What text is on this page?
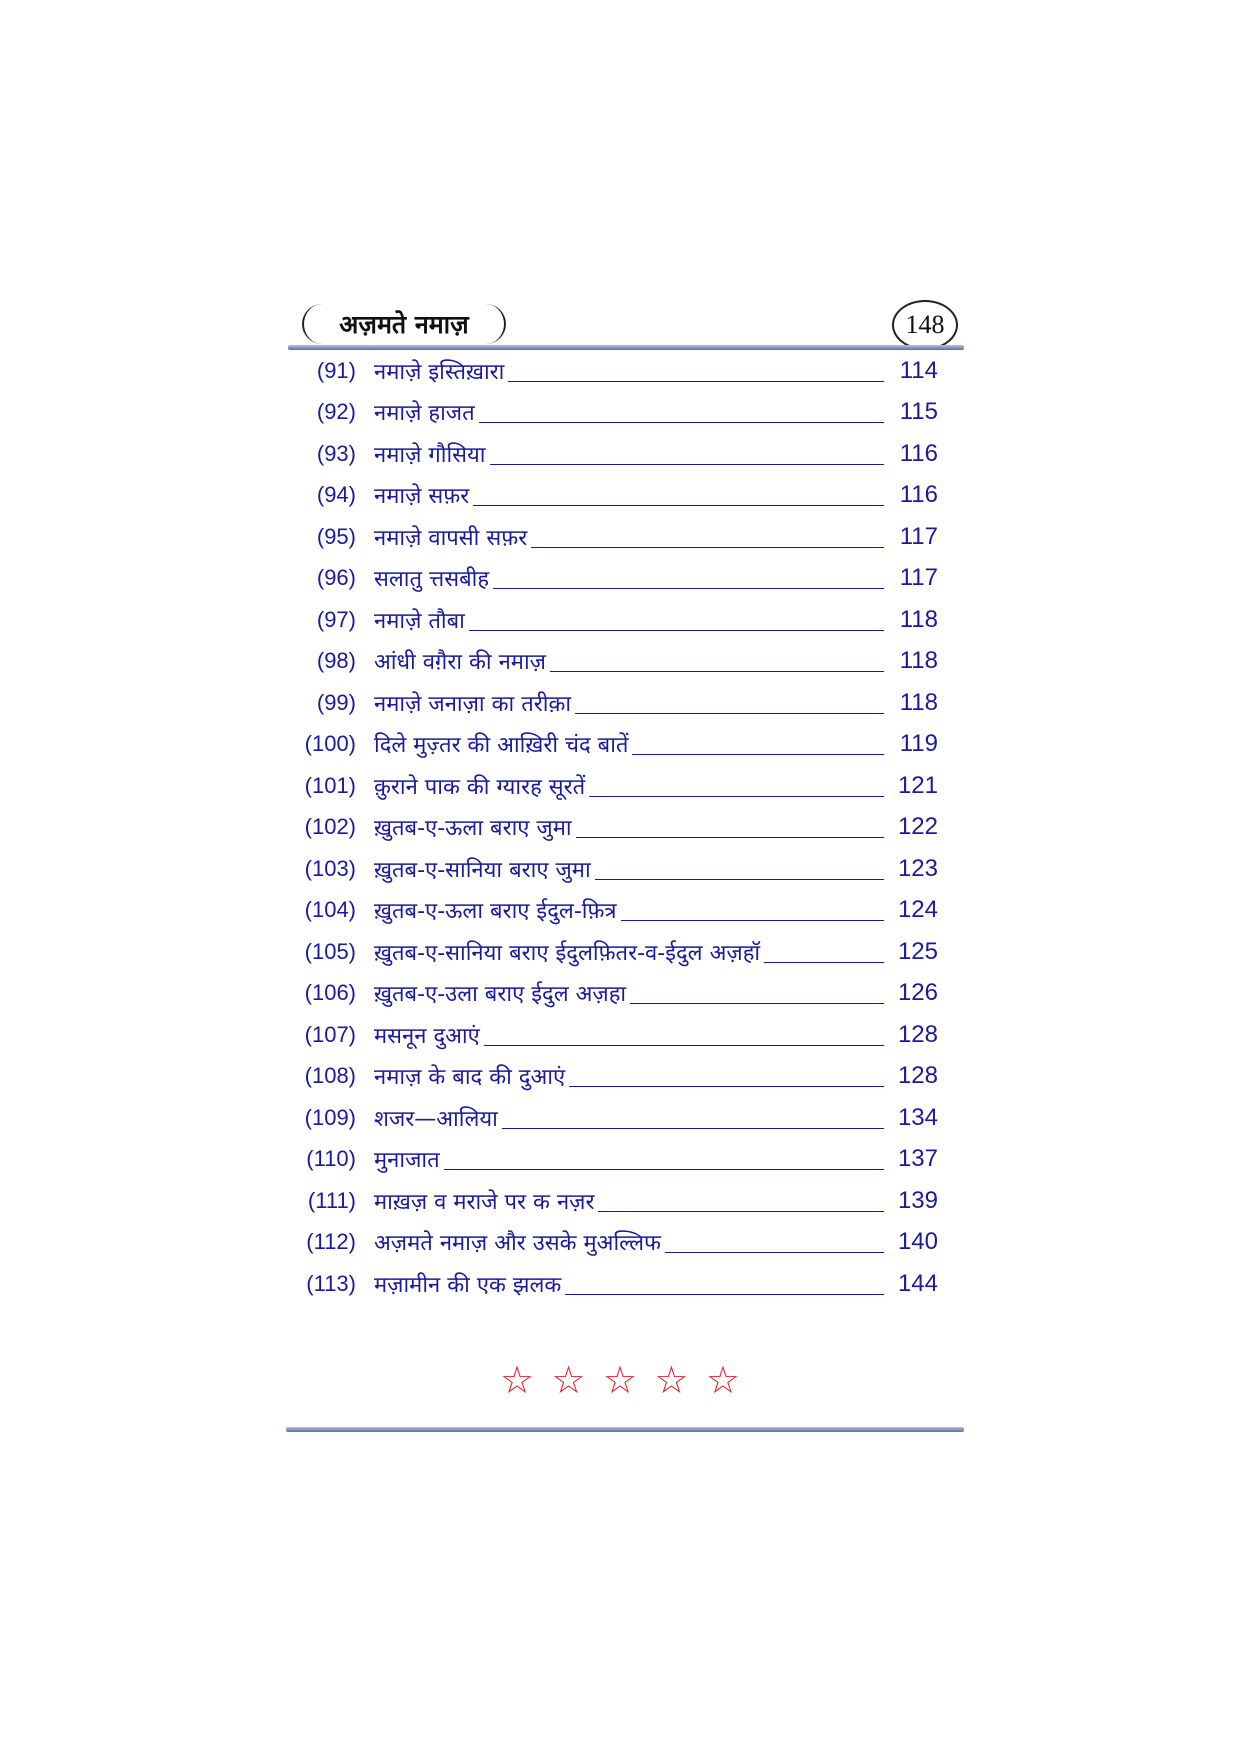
अज़मते नमाज़	148
(91) नमाज़े इस्तिख़ारा	114
(92) नमाज़े हाजत	115
(93) नमाज़े गौसिया	116
(94) नमाज़े सफ़र	116
(95) नमाज़े वापसी सफ़र	117
(96) सलातु त्तसबीह	117
(97) नमाज़े तौबा	118
(98) आंधी वग़ैरा की नमाज़	118
(99) नमाज़े जनाज़ा का तरीक़ा	118
(100) दिले मुज़्तर की आख़िरी चंद बातें	119
(101) क़ुराने पाक की ग्यारह सूरतें	121
(102) ख़ुतब-ए-ऊला बराए जुमा	122
(103) ख़ुतब-ए-सानिया बराए जुमा	123
(104) ख़ुतब-ए-ऊला बराए ईदुल-फ़ित्र	124
(105) ख़ुतब-ए-सानिया बराए ईदुलफ़ितर-व-ईदुल अज़हॉ	125
(106) ख़ुतब-ए-उला बराए ईदुल अज़हा	126
(107) मसनून दुआएं	128
(108) नमाज़ के बाद की दुआएं	128
(109) शजर—आलिया	134
(110) मुनाजात	137
(111) माख़ज़ व मराजे पर क नज़र	139
(112) अज़मते नमाज़ और उसके मुअल्लिफ	140
(113) मज़ामीन की एक झलक	144
☆ ☆ ☆ ☆ ☆
